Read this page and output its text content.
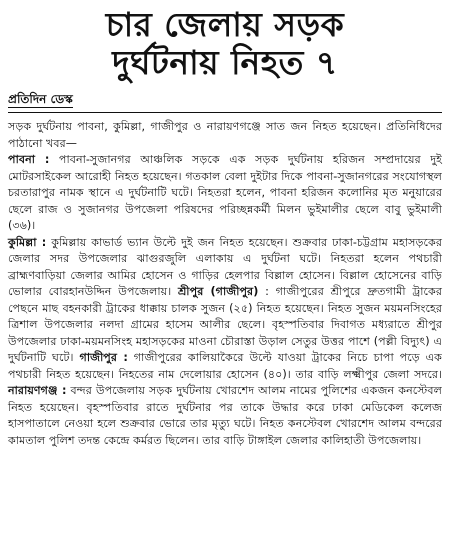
চার জেলায় সড়ক
দুর্ঘটনায় নিহত ৭
প্রতিদিন ডেস্ক

সড়ক দুর্ঘটনায় পাবনা, কুমিল্লা, গাজীপুর ও নারায়ণগঞ্জে সাত জন নিহত হয়েছেন। প্রতিনিধিদের পাঠানো খবর—

পাবনা : পাবনা-সুজানগর আঞ্চলিক সড়কে এক সড়ক দুর্ঘটনায় হরিজন সম্প্রদায়ের দুই মোটরসাইকেল আরোহী নিহত হয়েছেন। গতকাল বেলা দুইটার দিকে পাবনা-সুজানগরের সংযোগস্থল চরতারাপুর নামক স্থানে এ দুর্ঘটনাটি ঘটে। নিহতরা হলেন, পাবনা হরিজন কলোনির মৃত মনুয়ারের ছেলে রাজ ও সুজানগর উপজেলা পরিষদের পরিচ্ছন্নকর্মী মিলন ভুইমালীর ছেলে বাবু ভুইমালী (৩৬)।

কুমিল্লা : কুমিল্লায় কাভার্ড ভ্যান উল্টে দুই জন নিহত হয়েছেন। শুক্রবার ঢাকা-চট্টগ্রাম মহাসড়কের জেলার সদর উপজেলার ঝাগুরজুলি এলাকায় এ দুর্ঘটনা ঘটে। নিহতরা হলেন পথচারী ব্রাহ্মণবাড়িয়া জেলার আমির হোসেন ও গাড়ির হেলপার বিল্লাল হোসেন। বিল্লাল হোসেনের বাড়ি ভোলার বোরহানউদ্দিন উপজেলায়। শ্রীপুর (গাজীপুর) : গাজীপুরের শ্রীপুরে দ্রুতগামী ট্রাকের পেছনে মাছ বহনকারী ট্রাকের ধাক্কায় চালক সুজন (২৫) নিহত হয়েছেন। নিহত সুজন ময়মনসিংহের ত্রিশাল উপজেলার নলদা গ্রামের হাসেম আলীর ছেলে। বৃহস্পতিবার দিবাগত মধ্যরাতে শ্রীপুর উপজেলার ঢাকা-ময়মনসিংহ মহাসড়কের মাওনা চৌরাস্তা উড়াল সেতুর উত্তর পাশে (পল্লী বিদ্যুৎ) এ দুর্ঘটনাটি ঘটে। গাজীপুর : গাজীপুরের কালিয়াকৈরে উল্টে যাওয়া ট্রাকের নিচে চাপা পড়ে এক পথচারী নিহত হয়েছেন। নিহতের নাম দেলোয়ার হোসেন (৪০)। তার বাড়ি লক্ষ্মীপুর জেলা সদরে। নারায়ণগঞ্জ : বন্দর উপজেলায় সড়ক দুর্ঘটনায় খোরশেদ আলম নামের পুলিশের একজন কনস্টেবল নিহত হয়েছেন। বৃহস্পতিবার রাতে দুর্ঘটনার পর তাকে উদ্ধার করে ঢাকা মেডিকেল কলেজ হাসপাতালে নেওয়া হলে শুক্রবার ভোরে তার মৃত্যু ঘটে। নিহত কনস্টেবল খোরশেদ আলম বন্দরের কামতাল পুলিশ তদন্ত কেন্দ্রে কর্মরত ছিলেন। তার বাড়ি টাঙ্গাইল জেলার কালিহাতী উপজেলায়।
